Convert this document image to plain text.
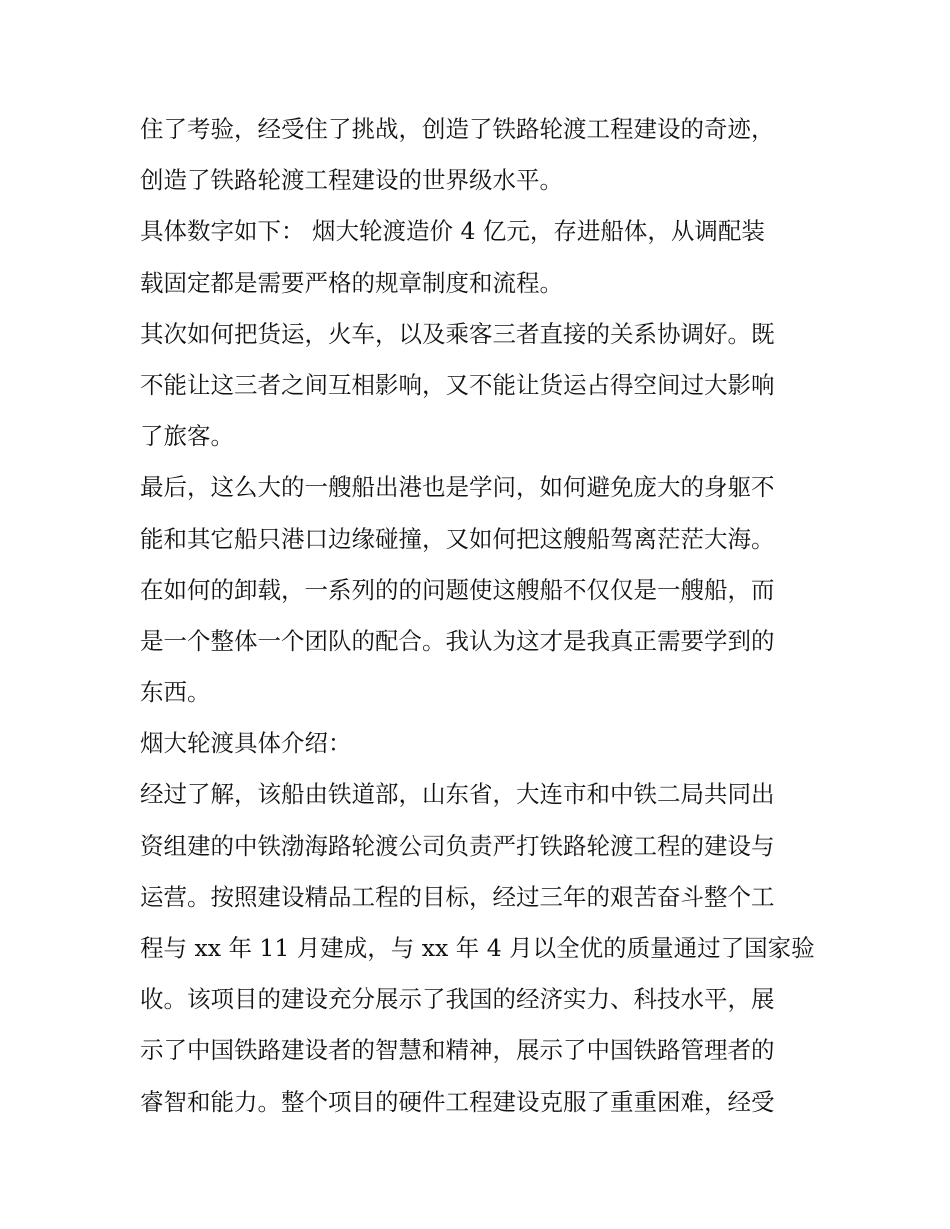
住了考验，经受住了挑战，创造了铁路轮渡工程建设的奇迹，
创造了铁路轮渡工程建设的世界级水平。
具体数字如下： 烟大轮渡造价 4 亿元，存进船体，从调配装
载固定都是需要严格的规章制度和流程。
其次如何把货运，火车，以及乘客三者直接的关系协调好。既
不能让这三者之间互相影响，又不能让货运占得空间过大影响
了旅客。
最后，这么大的一艘船出港也是学问，如何避免庞大的身躯不
能和其它船只港口边缘碰撞，又如何把这艘船驾离茫茫大海。
在如何的卸载，一系列的的问题使这艘船不仅仅是一艘船，而
是一个整体一个团队的配合。我认为这才是我真正需要学到的
东西。
烟大轮渡具体介绍：
经过了解，该船由铁道部，山东省，大连市和中铁二局共同出
资组建的中铁渤海路轮渡公司负责严打铁路轮渡工程的建设与
运营。按照建设精品工程的目标，经过三年的艰苦奋斗整个工
程与 xx 年 11 月建成，与 xx 年 4 月以全优的质量通过了国家验
收。该项目的建设充分展示了我国的经济实力、科技水平，展
示了中国铁路建设者的智慧和精神，展示了中国铁路管理者的
睿智和能力。整个项目的硬件工程建设克服了重重困难，经受
